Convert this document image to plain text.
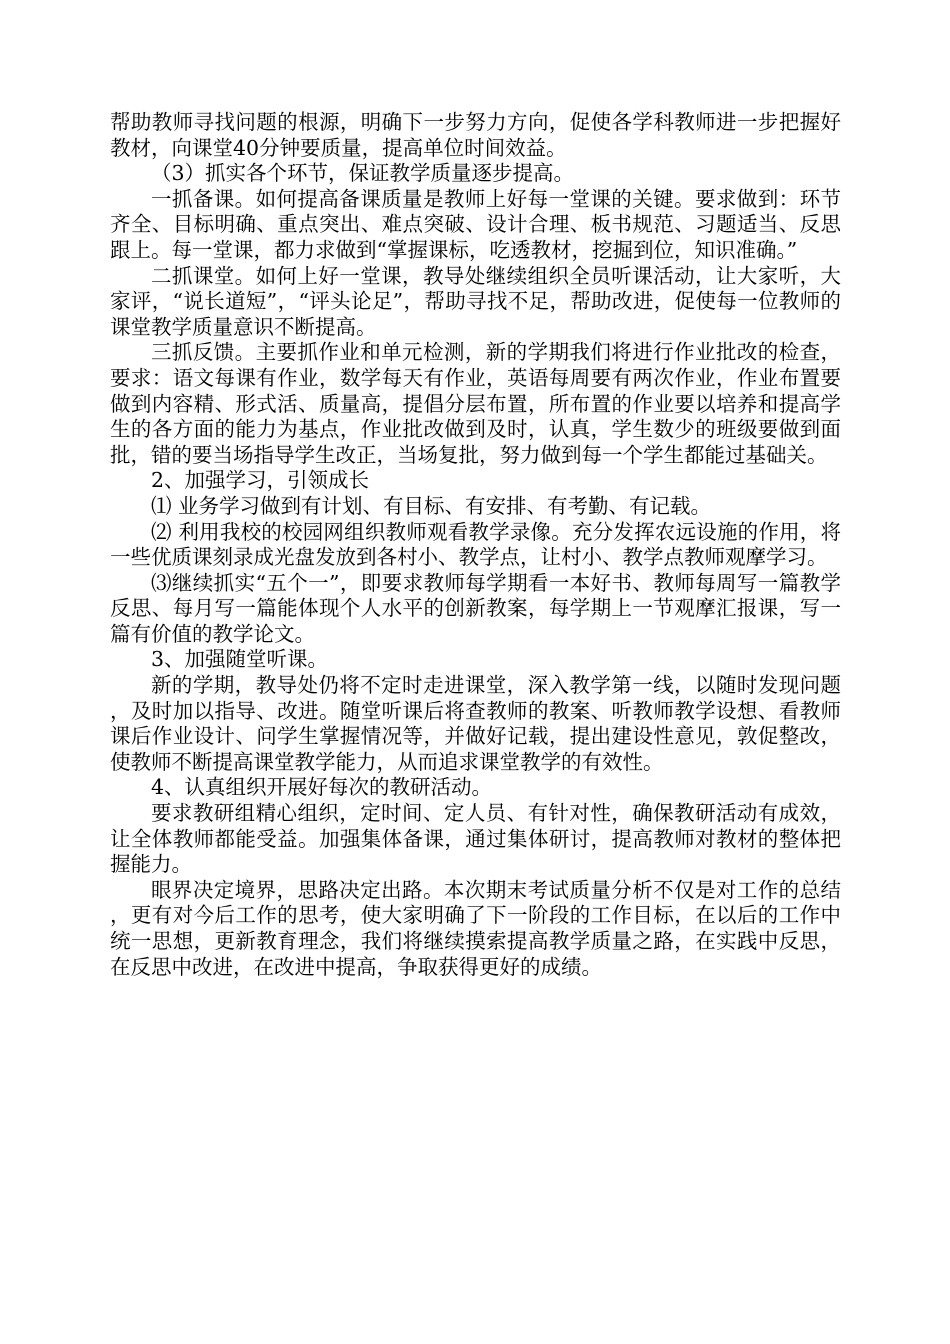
帮助教师寻找问题的根源，明确下一步努力方向，促使各学科教师进一步把握好教材，向课堂40分钟要质量，提高单位时间效益。

（3）抓实各个环节，保证教学质量逐步提高。

一抓备课。如何提高备课质量是教师上好每一堂课的关键。要求做到：环节齐全、目标明确、重点突出、难点突破、设计合理、板书规范、习题适当、反思跟上。每一堂课，都力求做到“掌握课标，吃透教材，挖掘到位，知识准确。”

二抓课堂。如何上好一堂课，教导处继续组织全员听课活动，让大家听，大家评，“说长道短”，“评头论足”，帮助寻找不足，帮助改进，促使每一位教师的课堂教学质量意识不断提高。

三抓反馈。主要抓作业和单元检测，新的学期我们将进行作业批改的检查，要求：语文每课有作业，数学每天有作业，英语每周要有两次作业，作业布置要做到内容精、形式活、质量高，提倡分层布置，所布置的作业要以培养和提高学生的各方面的能力为基点，作业批改做到及时，认真，学生数少的班级要做到面批，错的要当场指导学生改正，当场复批，努力做到每一个学生都能过基础关。

2、加强学习，引领成长

⑴ 业务学习做到有计划、有目标、有安排、有考勤、有记载。

⑵ 利用我校的校园网组织教师观看教学录像。充分发挥农远设施的作用，将一些优质课刻录成光盘发放到各村小、教学点，让村小、教学点教师观摩学习。

⑶继续抓实“五个一”，即要求教师每学期看一本好书、教师每周写一篇教学反思、每月写一篇能体现个人水平的创新教案，每学期上一节观摩汇报课，写一篇有价值的教学论文。

3、加强随堂听课。

新的学期，教导处仍将不定时走进课堂，深入教学第一线，以随时发现问题，及时加以指导、改进。随堂听课后将查教师的教案、听教师教学设想、看教师课后作业设计、问学生掌握情况等，并做好记载，提出建设性意见，敦促整改，使教师不断提高课堂教学能力，从而追求课堂教学的有效性。

4、认真组织开展好每次的教研活动。

要求教研组精心组织，定时间、定人员、有针对性，确保教研活动有成效，让全体教师都能受益。加强集体备课，通过集体研讨，提高教师对教材的整体把握能力。

眼界决定境界，思路决定出路。本次期末考试质量分析不仅是对工作的总结，更有对今后工作的思考，使大家明确了下一阶段的工作目标，在以后的工作中统一思想，更新教育理念，我们将继续摸索提高教学质量之路，在实践中反思，在反思中改进，在改进中提高，争取获得更好的成绩。
